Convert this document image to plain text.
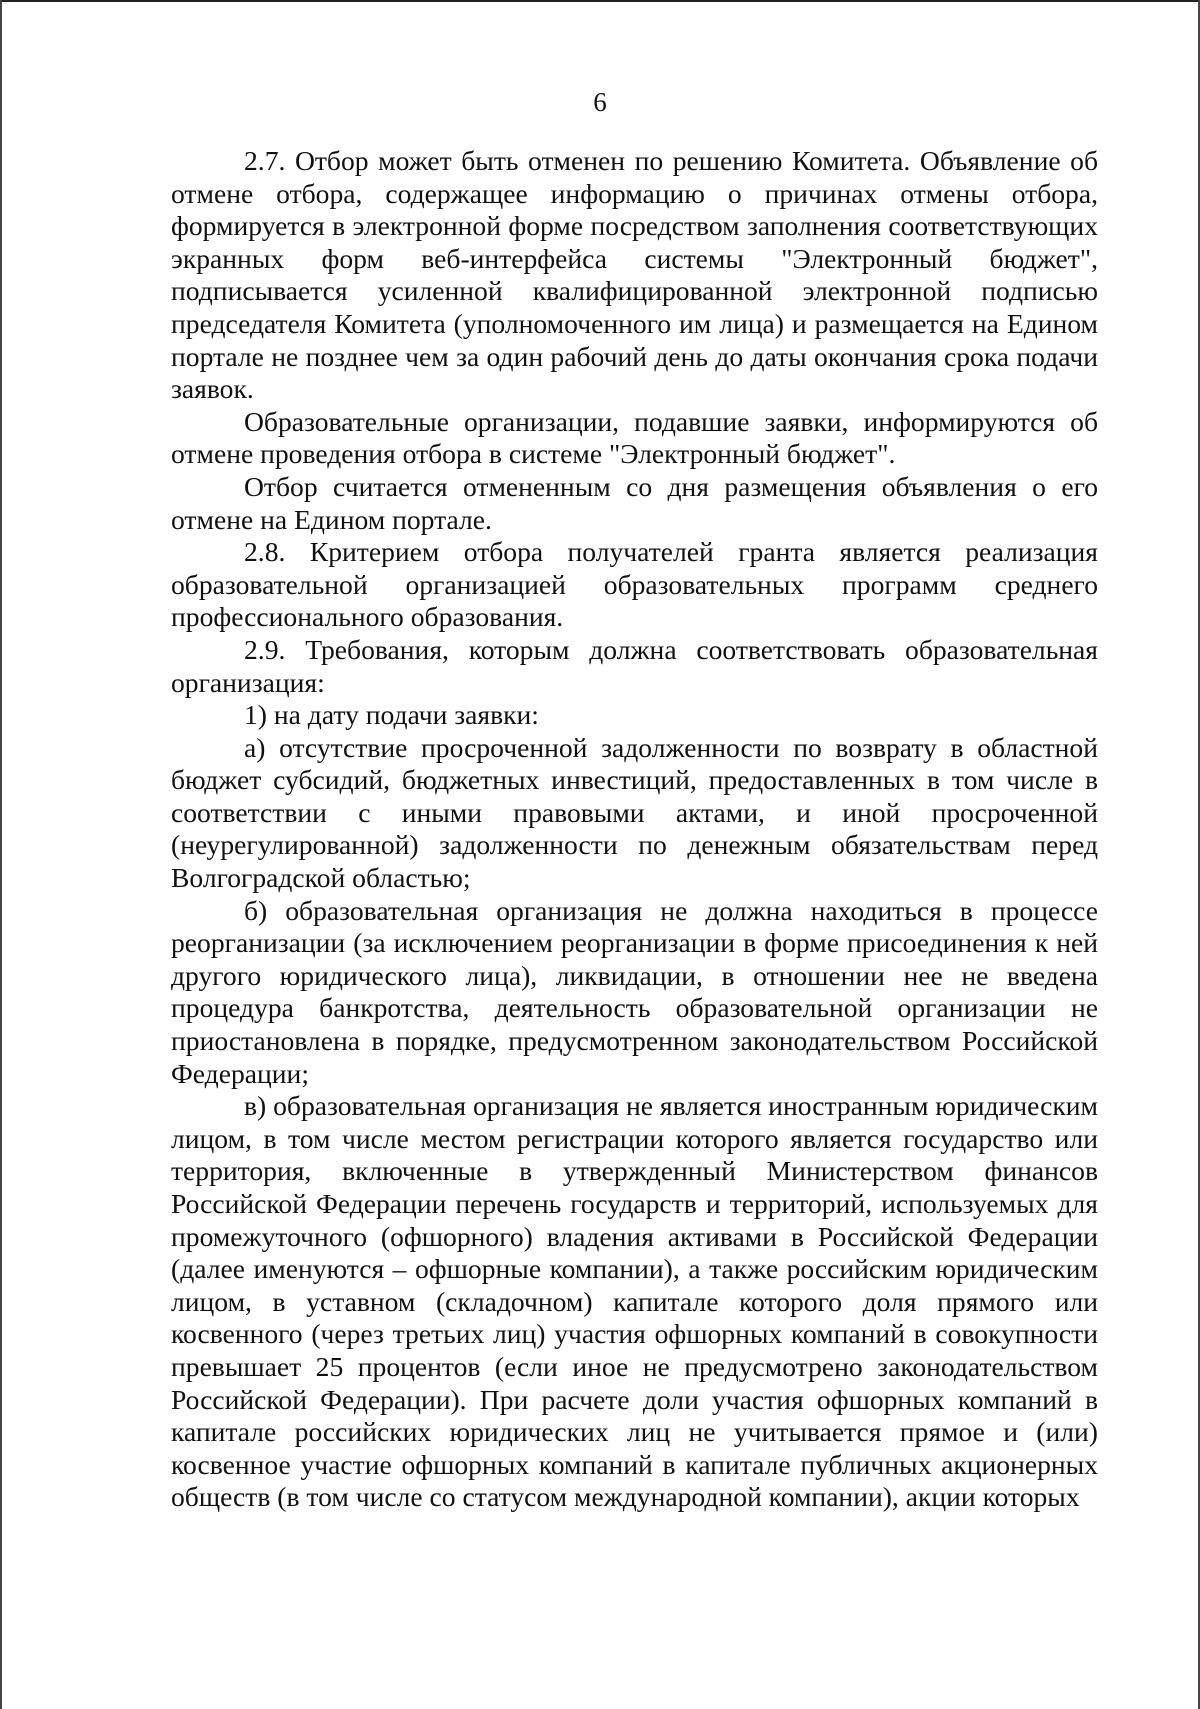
6

2.7. Отбор может быть отменен по решению Комитета. Объявление об отмене отбора, содержащее информацию о причинах отмены отбора, формируется в электронной форме посредством заполнения соответствующих экранных форм веб-интерфейса системы "Электронный бюджет", подписывается усиленной квалифицированной электронной подписью председателя Комитета (уполномоченного им лица) и размещается на Едином портале не позднее чем за один рабочий день до даты окончания срока подачи заявок.

Образовательные организации, подавшие заявки, информируются об отмене проведения отбора в системе "Электронный бюджет".

Отбор считается отмененным со дня размещения объявления о его отмене на Едином портале.

2.8. Критерием отбора получателей гранта является реализация образовательной организацией образовательных программ среднего профессионального образования.

2.9. Требования, которым должна соответствовать образовательная организация:

1) на дату подачи заявки:

а) отсутствие просроченной задолженности по возврату в областной бюджет субсидий, бюджетных инвестиций, предоставленных в том числе в соответствии с иными правовыми актами, и иной просроченной (неурегулированной) задолженности по денежным обязательствам перед Волгоградской областью;

б) образовательная организация не должна находиться в процессе реорганизации (за исключением реорганизации в форме присоединения к ней другого юридического лица), ликвидации, в отношении нее не введена процедура банкротства, деятельность образовательной организации не приостановлена в порядке, предусмотренном законодательством Российской Федерации;

в) образовательная организация не является иностранным юридическим лицом, в том числе местом регистрации которого является государство или территория, включенные в утвержденный Министерством финансов Российской Федерации перечень государств и территорий, используемых для промежуточного (офшорного) владения активами в Российской Федерации (далее именуются – офшорные компании), а также российским юридическим лицом, в уставном (складочном) капитале которого доля прямого или косвенного (через третьих лиц) участия офшорных компаний в совокупности превышает 25 процентов (если иное не предусмотрено законодательством Российской Федерации). При расчете доли участия офшорных компаний в капитале российских юридических лиц не учитывается прямое и (или) косвенное участие офшорных компаний в капитале публичных акционерных обществ (в том числе со статусом международной компании), акции которых
